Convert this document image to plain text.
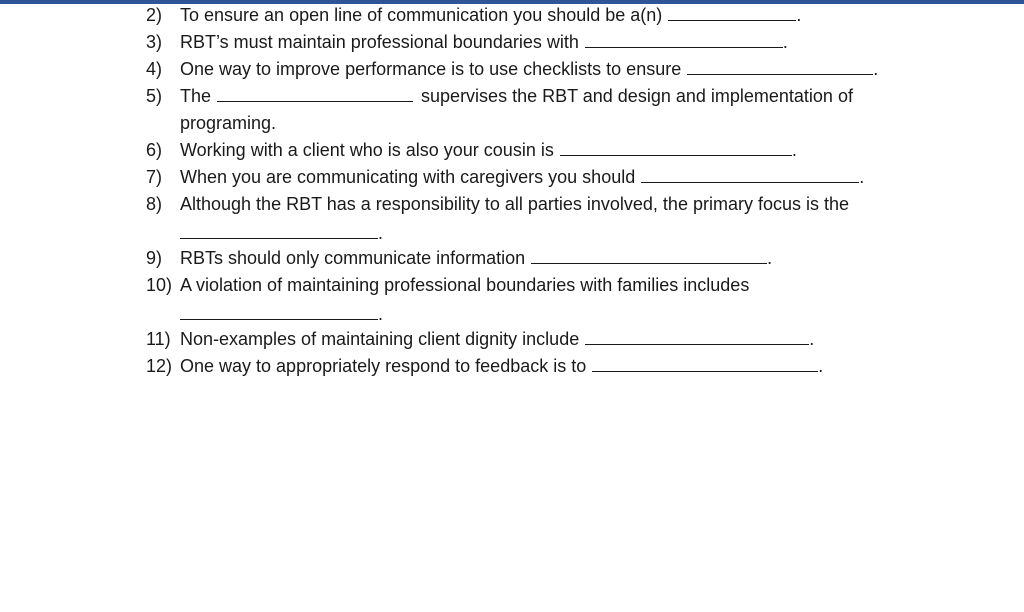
2) To ensure an open line of communication you should be a(n)	.
3) RBT’s must maintain professional boundaries with	.
4) One way to improve performance is to use checklists to ensure	.
5) The	supervises the RBT and design and implementation of
programing.
6) Working with a client who is also your cousin is	.
7) When you are communicating with caregivers you should	.
8) Although the RBT has a responsibility to all parties involved, the primary focus is the
.
9) RBTs should only communicate information	.
10) A violation of maintaining professional boundaries with families includes
.
11) Non-examples of maintaining client dignity include	.
12) One way to appropriately respond to feedback is to	.
